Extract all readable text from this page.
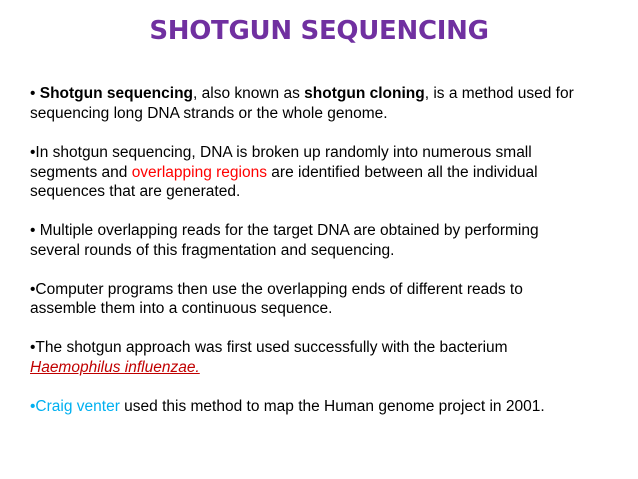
SHOTGUN SEQUENCING

• Shotgun sequencing, also known as shotgun cloning, is a method used for sequencing long DNA strands or the whole genome.

•In shotgun sequencing, DNA is broken up randomly into numerous small segments and overlapping regions are identified between all the individual sequences that are generated.

• Multiple overlapping reads for the target DNA are obtained by performing several rounds of this fragmentation and sequencing.

•Computer programs then use the overlapping ends of different reads to assemble them into a continuous sequence.

•The shotgun approach was first used successfully with the bacterium Haemophilus influenzae.

•Craig venter used this method to map the Human genome project in 2001.
